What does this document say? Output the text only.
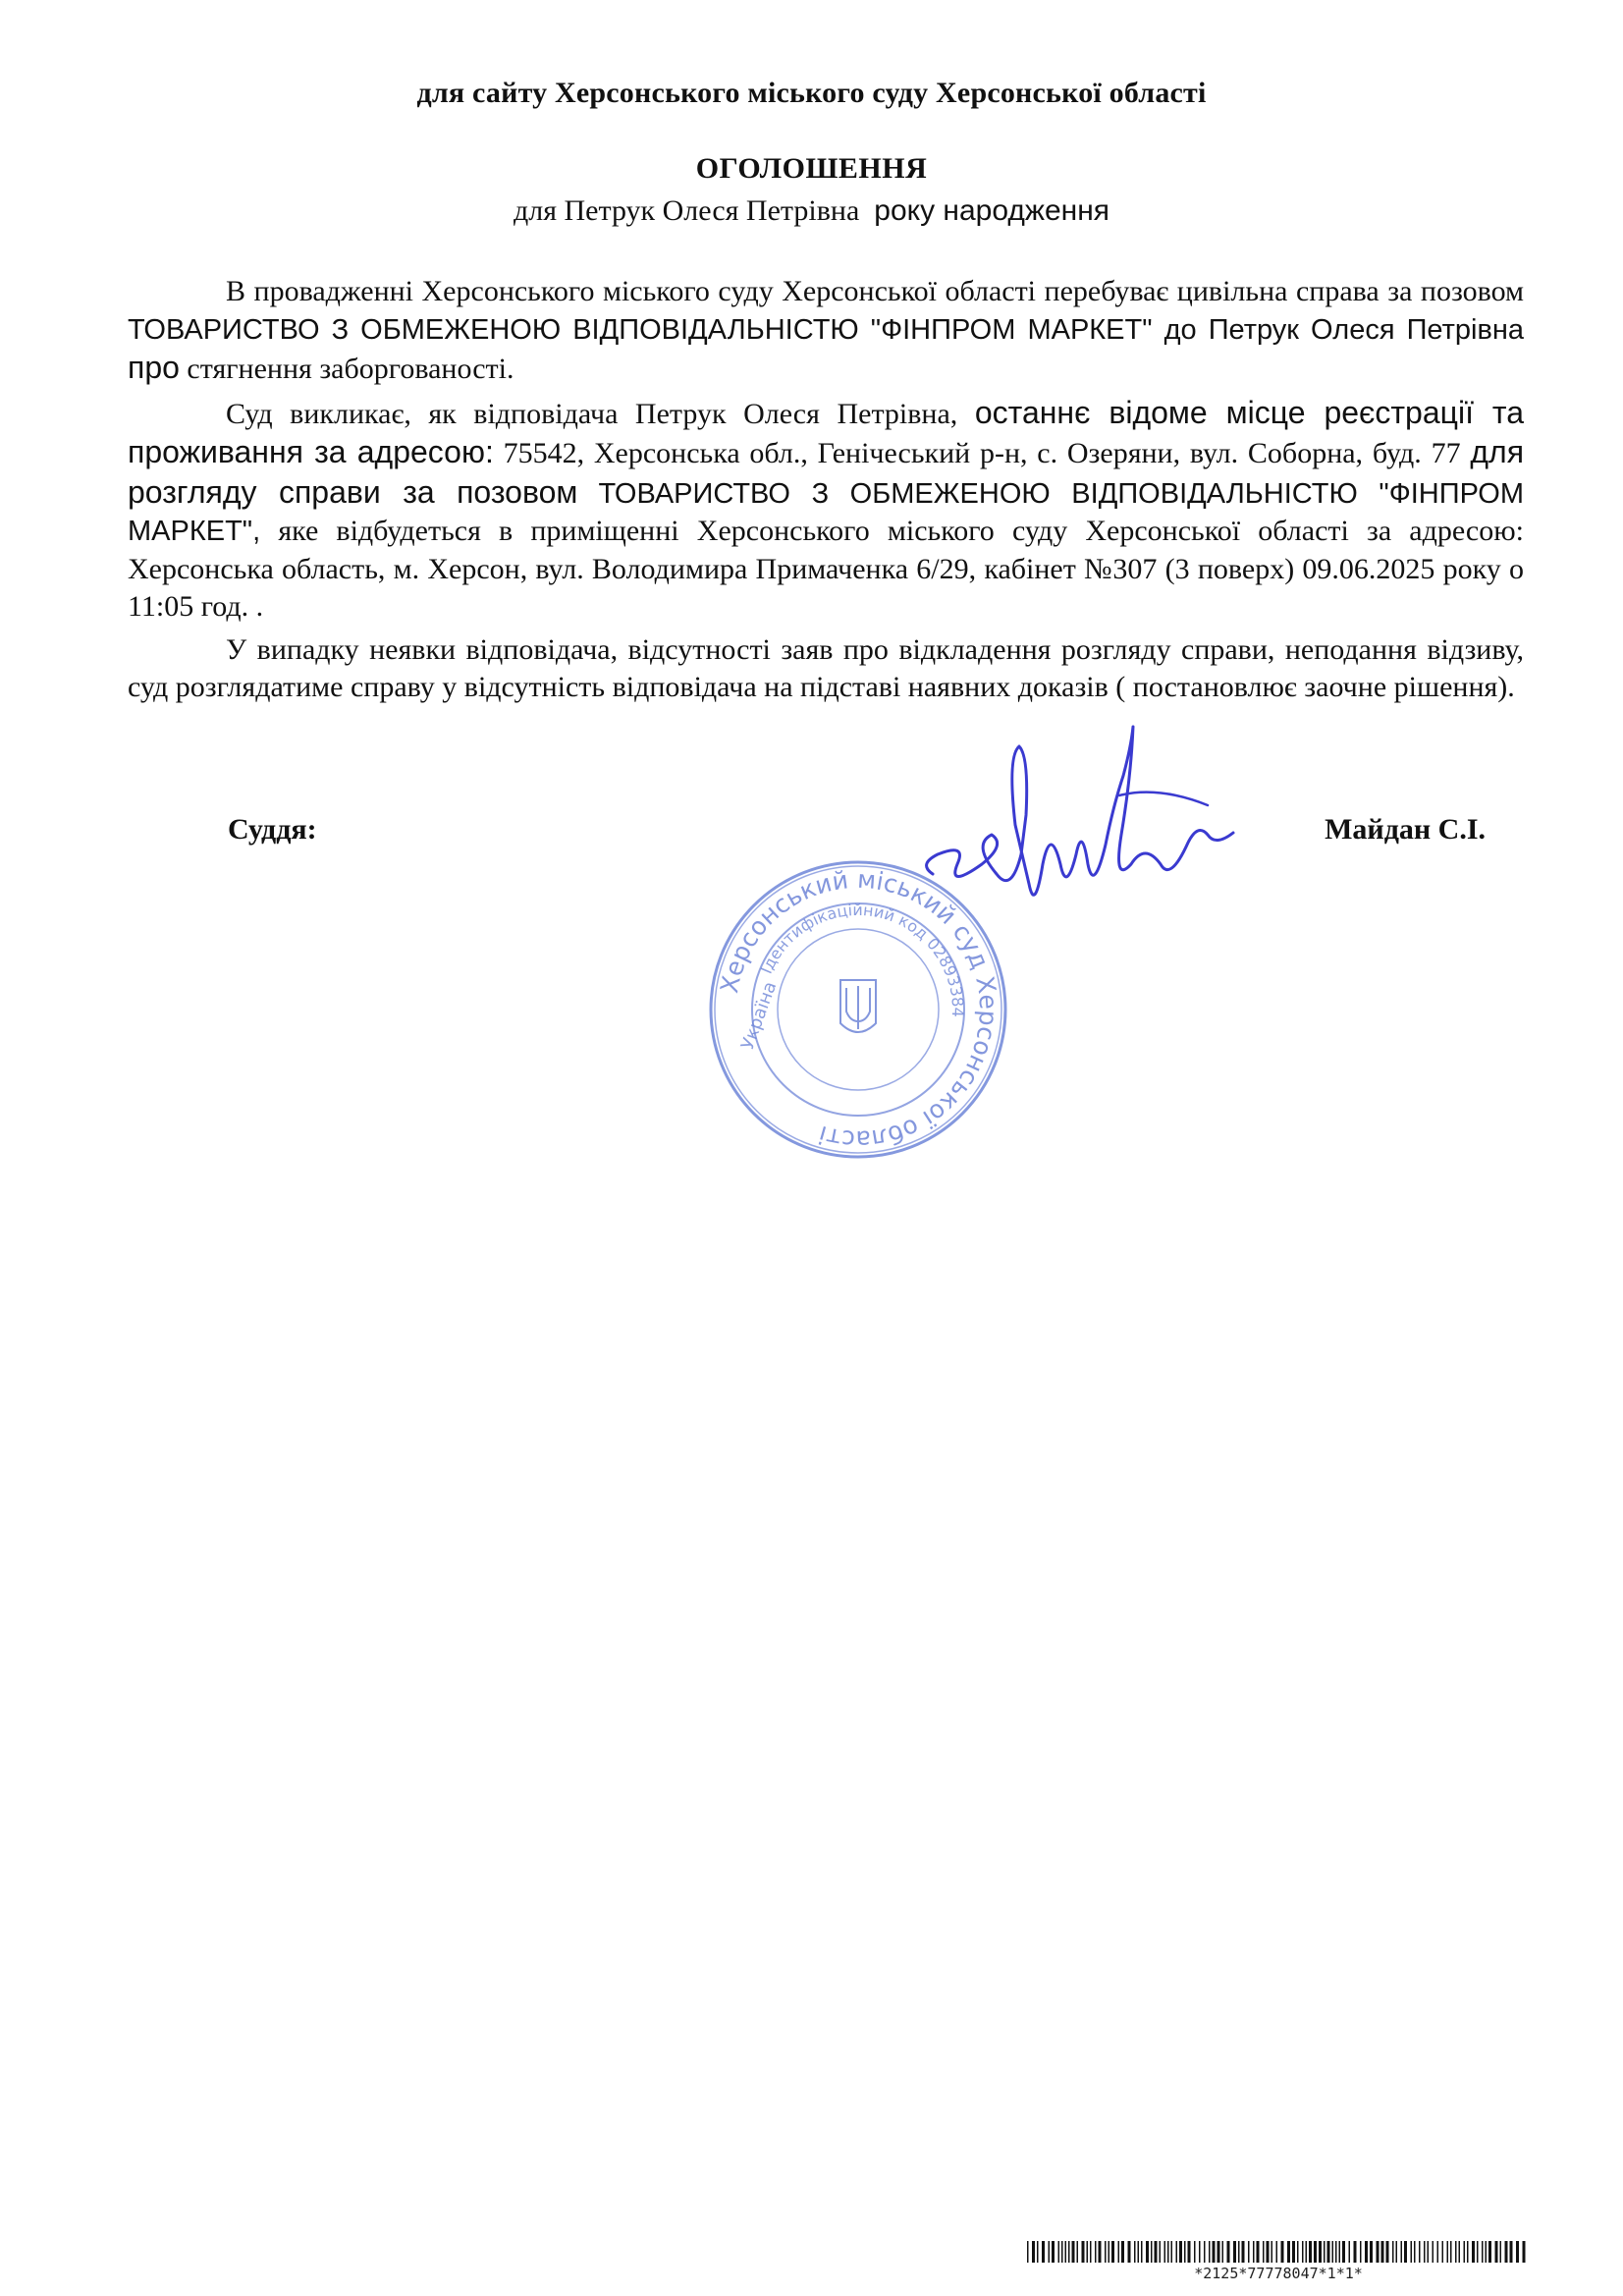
для сайту Херсонського міського суду Херсонської області
ОГОЛОШЕННЯ
для Петрук Олеся Петрівна року народження

В провадженні Херсонського міського суду Херсонської області перебуває цивільна справа за позовом ТОВАРИСТВО З ОБМЕЖЕНОЮ ВІДПОВІДАЛЬНІСТЮ "ФІНПРОМ МАРКЕТ" до Петрук Олеся Петрівна про стягнення заборгованості.

Суд викликає, як відповідача Петрук Олеся Петрівна, останнє відоме місце реєстрації та проживання за адресою: 75542, Херсонська обл., Генічеський р-н, с. Озеряни, вул. Соборна, буд. 77 для розгляду справи за позовом ТОВАРИСТВО З ОБМЕЖЕНОЮ ВІДПОВІДАЛЬНІСТЮ "ФІНПРОМ МАРКЕТ", яке відбудеться в приміщенні Херсонського міського суду Херсонської області за адресою: Херсонська область, м. Херсон, вул. Володимира Примаченка 6/29, кабінет №307 (3 поверх) 09.06.2025 року о 11:05 год. .

У випадку неявки відповідача, відсутності заяв про відкладення розгляду справи, неподання відзиву, суд розглядатиме справу у відсутність відповідача на підставі наявних доказів ( постановлює заочне рішення).

Суддя:	Майдан С.І.
Херсонський міський суд Херсонської області
Ідентифікаційний код 02893384
Україна
*2125*77778047*1*1*
